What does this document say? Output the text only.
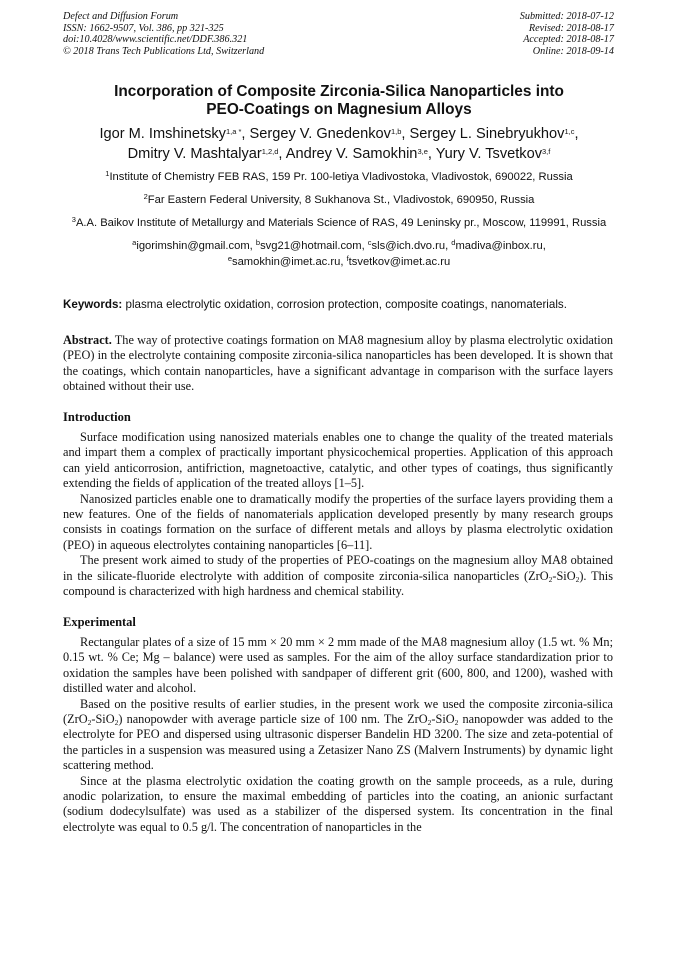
Defect and Diffusion Forum
ISSN: 1662-9507, Vol. 386, pp 321-325
doi:10.4028/www.scientific.net/DDF.386.321
© 2018 Trans Tech Publications Ltd, Switzerland
Submitted: 2018-07-12
Revised: 2018-08-17
Accepted: 2018-08-17
Online: 2018-09-14
Incorporation of Composite Zirconia-Silica Nanoparticles into
PEO-Coatings on Magnesium Alloys
Igor M. Imshinetsky$^{1,a *}$, Sergey V. Gnedenkov$^{1,b}$, Sergey L. Sinebryukhov$^{1,c}$,
Dmitry V. Mashtalyar$^{1,2,d}$, Andrey V. Samokhin$^{3,e}$, Yury V. Tsvetkov$^{3,f}$

$^1$Institute of Chemistry FEB RAS, 159 Pr. 100-letiya Vladivostoka, Vladivostok, 690022, Russia

$^2$Far Eastern Federal University, 8 Sukhanova St., Vladivostok, 690950, Russia

$^3$A.A. Baikov Institute of Metallurgy and Materials Science of RAS, 49 Leninsky pr., Moscow, 119991, Russia

$^a$igorimshin@gmail.com, $^b$svg21@hotmail.com, $^c$sls@ich.dvo.ru, $^d$madiva@inbox.ru,
$^e$samokhin@imet.ac.ru, $^f$tsvetkov@imet.ac.ru

Keywords: plasma electrolytic oxidation, corrosion protection, composite coatings, nanomaterials.

Abstract. The way of protective coatings formation on MA8 magnesium alloy by plasma electrolytic oxidation (PEO) in the electrolyte containing composite zirconia-silica nanoparticles has been developed. It is shown that the coatings, which contain nanoparticles, have a significant advantage in comparison with the surface layers obtained without their use.

Introduction

Surface modification using nanosized materials enables one to change the quality of the treated materials and impart them a complex of practically important physicochemical properties. Application of this approach can yield anticorrosion, antifriction, magnetoactive, catalytic, and other types of coatings, thus significantly extending the fields of application of the treated alloys [1–5].

Nanosized particles enable one to dramatically modify the properties of the surface layers providing them a new features. One of the fields of nanomaterials application developed presently by many research groups consists in coatings formation on the surface of different metals and alloys by plasma electrolytic oxidation (PEO) in aqueous electrolytes containing nanoparticles [6–11].

The present work aimed to study of the properties of PEO-coatings on the magnesium alloy MA8 obtained in the silicate-fluoride electrolyte with addition of composite zirconia-silica nanoparticles (ZrO$_2$-SiO$_2$). This compound is characterized with high hardness and chemical stability.

Experimental

Rectangular plates of a size of 15 mm × 20 mm × 2 mm made of the MA8 magnesium alloy (1.5 wt. % Mn; 0.15 wt. % Ce; Mg – balance) were used as samples. For the aim of the alloy surface standardization prior to oxidation the samples have been polished with sandpaper of different grit (600, 800, and 1200), washed with distilled water and alcohol.

Based on the positive results of earlier studies, in the present work we used the composite zirconia-silica (ZrO$_2$-SiO$_2$) nanopowder with average particle size of 100 nm. The ZrO$_2$-SiO$_2$ nanopowder was added to the electrolyte for PEO and dispersed using ultrasonic disperser Bandelin HD 3200. The size and zeta-potential of the particles in a suspension was measured using a Zetasizer Nano ZS (Malvern Instruments) by dynamic light scattering method.

Since at the plasma electrolytic oxidation the coating growth on the sample proceeds, as a rule, during anodic polarization, to ensure the maximal embedding of particles into the coating, an anionic surfactant (sodium dodecylsulfate) was used as a stabilizer of the dispersed system. Its concentration in the final electrolyte was equal to 0.5 g/l. The concentration of nanoparticles in the
